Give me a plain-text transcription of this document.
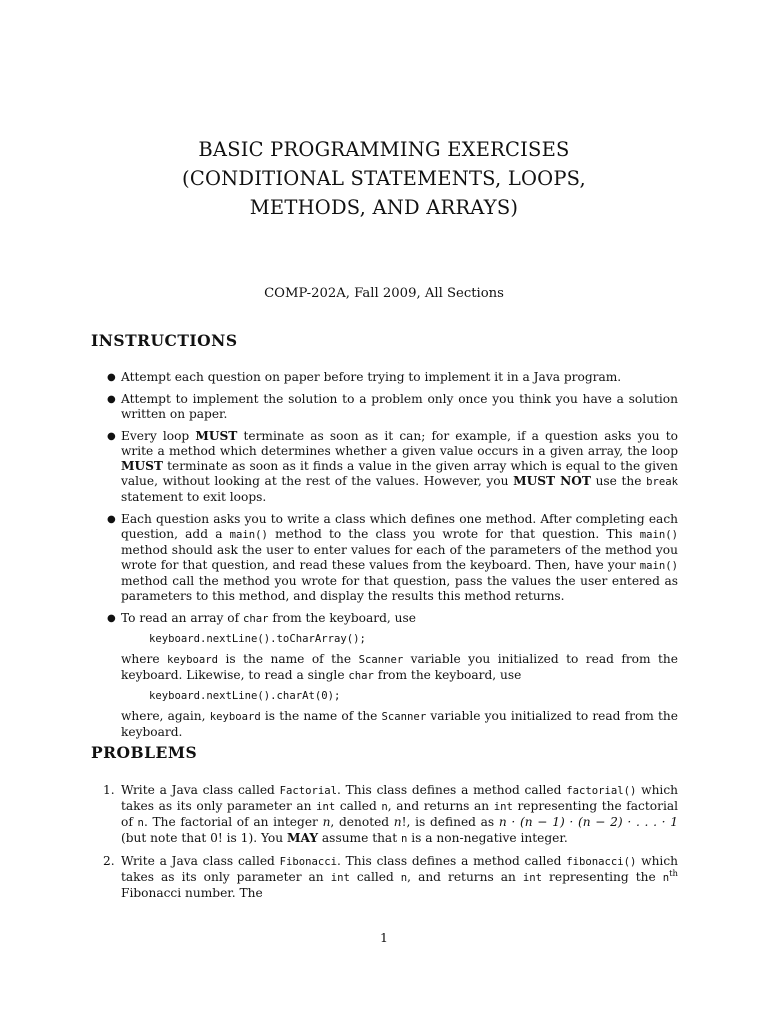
BASIC PROGRAMMING EXERCISES
(CONDITIONAL STATEMENTS, LOOPS,
METHODS, AND ARRAYS)
COMP-202A, Fall 2009, All Sections
INSTRUCTIONS
● Attempt each question on paper before trying to implement it in a Java program.
● Attempt to implement the solution to a problem only once you think you have a solution written on paper.
● Every loop MUST terminate as soon as it can; for example, if a question asks you to write a method which determines whether a given value occurs in a given array, the loop MUST terminate as soon as it finds a value in the given array which is equal to the given value, without looking at the rest of the values. However, you MUST NOT use the break statement to exit loops.
● Each question asks you to write a class which defines one method. After completing each question, add a main() method to the class you wrote for that question. This main() method should ask the user to enter values for each of the parameters of the method you wrote for that question, and read these values from the keyboard. Then, have your main() method call the method you wrote for that question, pass the values the user entered as parameters to this method, and display the results this method returns.
● To read an array of char from the keyboard, use
keyboard.nextLine().toCharArray();
where keyboard is the name of the Scanner variable you initialized to read from the keyboard. Likewise, to read a single char from the keyboard, use
keyboard.nextLine().charAt(0);
where, again, keyboard is the name of the Scanner variable you initialized to read from the keyboard.
PROBLEMS
1. Write a Java class called Factorial. This class defines a method called factorial() which takes as its only parameter an int called n, and returns an int representing the factorial of n. The factorial of an integer n, denoted n!, is defined as n · (n − 1) · (n − 2) · . . . · 1 (but note that 0! is 1). You MAY assume that n is a non-negative integer.
2. Write a Java class called Fibonacci. This class defines a method called fibonacci() which takes as its only parameter an int called n, and returns an int representing the $n^{th}$ Fibonacci number. The
1
